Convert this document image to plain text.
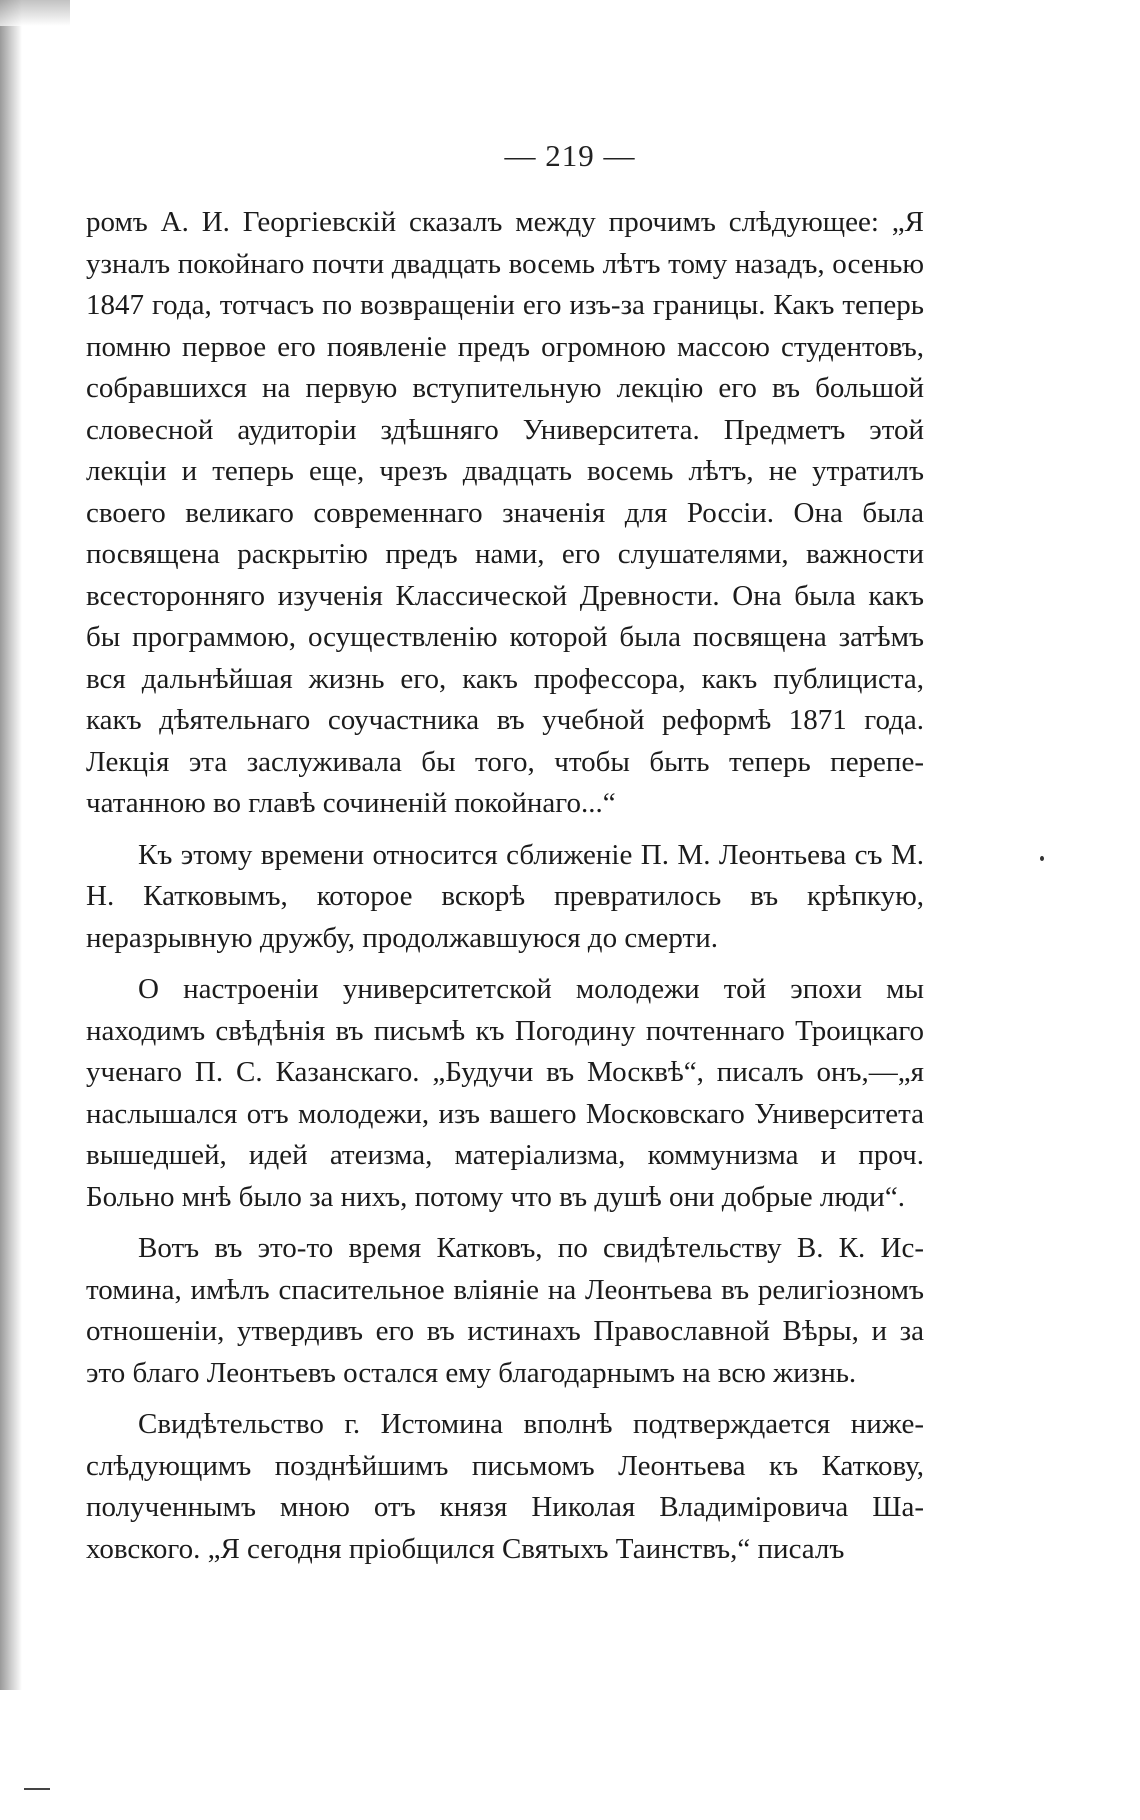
— 219 —

ромъ А. И. Георгіевскій сказалъ между прочимъ слѣдующее: „Я узналъ покойнаго почти двадцать восемь лѣтъ тому назадъ, осенью 1847 года, тотчасъ по возвращеніи его изъ-за границы. Какъ теперь помню первое его появленіе предъ огромною массою студентовъ, собравшихся на первую вступительную лекцію его въ большой словесной аудиторіи здѣшняго Университета. Предметъ этой лекціи и теперь еще, чрезъ двадцать восемь лѣтъ, не утратилъ своего великаго современнаго значенія для Россіи. Она была посвящена раскрытію предъ нами, его слушателями, важности всесторонняго изученія Классической Древности. Она была какъ бы программою, осуществленію которой была посвящена затѣмъ вся дальнѣйшая жизнь его, какъ профессора, какъ публициста, какъ дѣятельнаго соучастника въ учебной реформѣ 1871 года. Лекція эта заслуживала бы того, чтобы быть теперь перепечатанною во главѣ сочиненій покойнаго...“

Къ этому времени относится сближеніе П. М. Леонтьева съ М. Н. Катковымъ, которое вскорѣ превратилось въ крѣпкую, неразрывную дружбу, продолжавшуюся до смерти.

О настроеніи университетской молодежи той эпохи мы находимъ свѣдѣнія въ письмѣ къ Погодину почтеннаго Троицкаго ученаго П. С. Казанскаго. „Будучи въ Москвѣ“, писалъ онъ,—„я наслышался отъ молодежи, изъ вашего Московскаго Университета вышедшей, идей атеизма, матеріализма, коммунизма и проч. Больно мнѣ было за нихъ, потому что въ душѣ они добрые люди“.

Вотъ въ это-то время Катковъ, по свидѣтельству В. К. Истомина, имѣлъ спасительное вліяніе на Леонтьева въ религіозномъ отношеніи, утвердивъ его въ истинахъ Православной Вѣры, и за это благо Леонтьевъ остался ему благодарнымъ на всю жизнь.

Свидѣтельство г. Истомина вполнѣ подтверждается нижеслѣдующимъ позднѣйшимъ письмомъ Леонтьева къ Каткову, полученнымъ мною отъ князя Николая Владиміровича Шаховского. „Я сегодня пріобщился Святыхъ Таинствъ,“ писалъ
